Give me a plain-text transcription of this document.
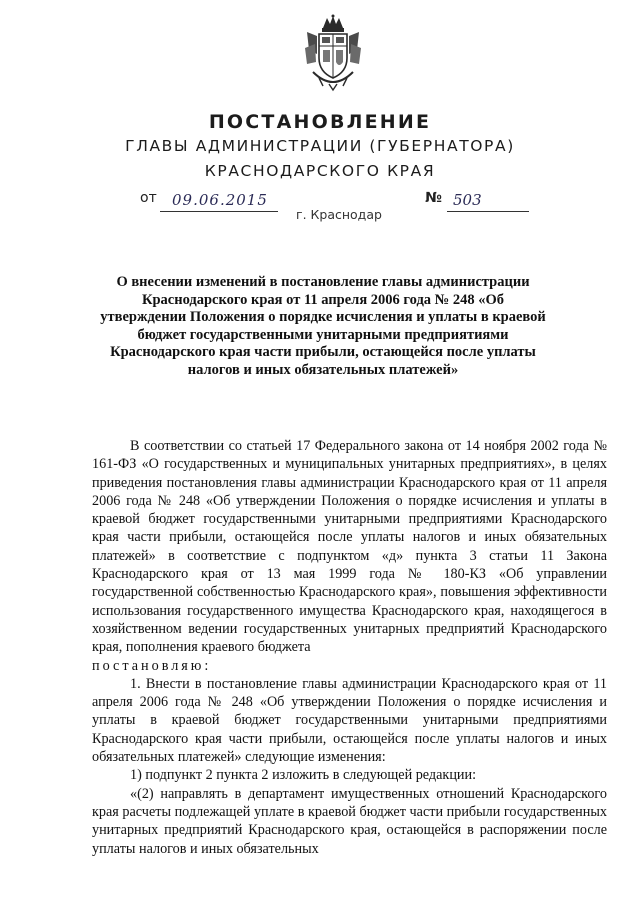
ПОСТАНОВЛЕНИЕ
ГЛАВЫ АДМИНИСТРАЦИИ (ГУБЕРНАТОРА)
КРАСНОДАРСКОГО КРАЯ
от 09.06.2015	№ 503
г. Краснодар
О внесении изменений в постановление главы администрации Краснодарского края от 11 апреля 2006 года № 248 «Об утверждении Положения о порядке исчисления и уплаты в краевой бюджет государственными унитарными предприятиями Краснодарского края части прибыли, остающейся после уплаты налогов и иных обязательных платежей»

В соответствии со статьей 17 Федерального закона от 14 ноября 2002 года № 161-ФЗ «О государственных и муниципальных унитарных предприятиях», в целях приведения постановления главы администрации Краснодарского края от 11 апреля 2006 года № 248 «Об утверждении Положения о порядке исчисления и уплаты в краевой бюджет государственными унитарными предприятиями Краснодарского края части прибыли, остающейся после уплаты налогов и иных обязательных платежей» в соответствие с подпунктом «д» пункта 3 статьи 11 Закона Краснодарского края от 13 мая 1999 года № 180-КЗ «Об управлении государственной собственностью Краснодарского края», повышения эффективности использования государственного имущества Краснодарского края, находящегося в хозяйственном ведении государственных унитарных предприятий Краснодарского края, пополнения краевого бюджета

постановляю:

1. Внести в постановление главы администрации Краснодарского края от 11 апреля 2006 года № 248 «Об утверждении Положения о порядке исчисления и уплаты в краевой бюджет государственными унитарными предприятиями Краснодарского края части прибыли, остающейся после уплаты налогов и иных обязательных платежей» следующие изменения:

1) подпункт 2 пункта 2 изложить в следующей редакции:

«(2) направлять в департамент имущественных отношений Краснодарского края расчеты подлежащей уплате в краевой бюджет части прибыли государственных унитарных предприятий Краснодарского края, остающейся в распоряжении после уплаты налогов и иных обязательных
